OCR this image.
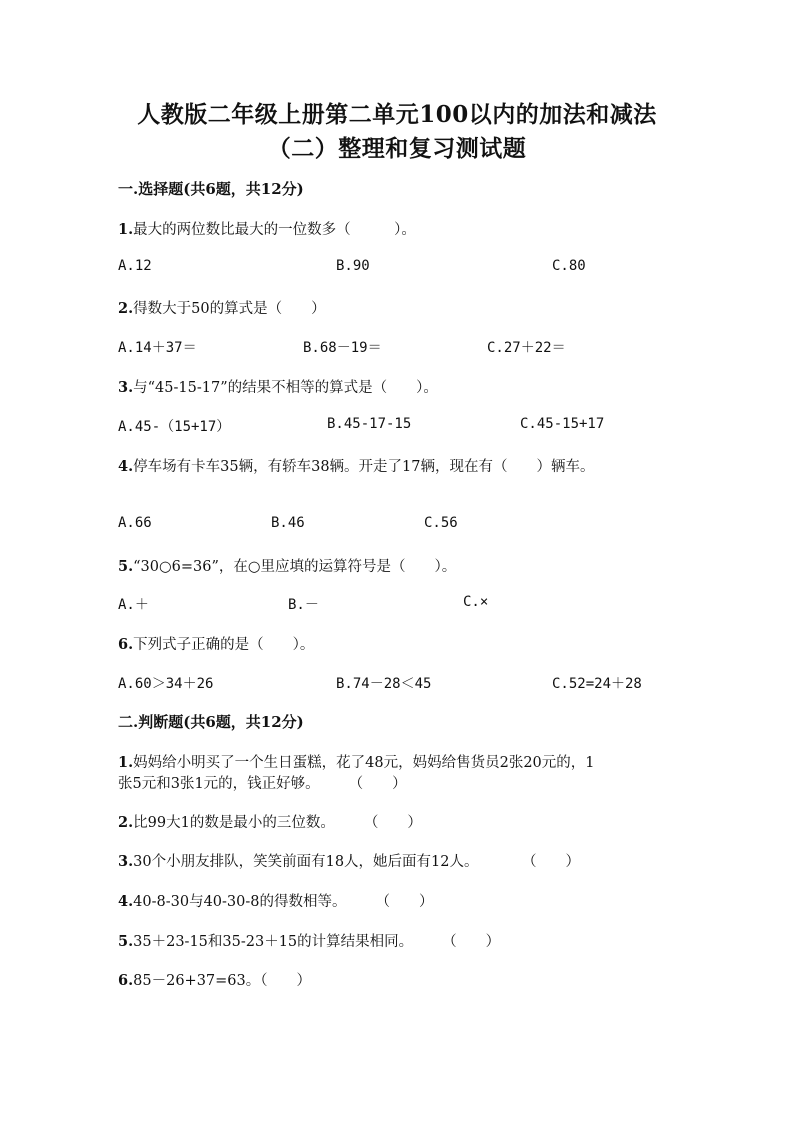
人教版二年级上册第二单元100以内的加法和减法
（二）整理和复习测试题
一.选择题(共6题，共12分)
1.最大的两位数比最大的一位数多（　　　）。
A.12	B.90	C.80
2.得数大于50的算式是（　　）
A.14＋37＝	B.68－19＝	C.27＋22＝
3.与“45-15-17”的结果不相等的算式是（　　）。
A.45-（15+17）	B.45-17-15	C.45-15+17
4.停车场有卡车35辆，有轿车38辆。开走了17辆，现在有（　　）辆车。
A.66	B.46	C.56
5.“30○6=36”，在○里应填的运算符号是（　　）。
A.＋	B.－	C.×
6.下列式子正确的是（　　）。
A.60＞34＋26	B.74－28＜45	C.52=24＋28
二.判断题(共6题，共12分)
1.妈妈给小明买了一个生日蛋糕，花了48元，妈妈给售货员2张20元的，1
张5元和3张1元的，钱正好够。　　　（　　）
2.比99大1的数是最小的三位数。　　　（　　）
3.30个小朋友排队，笑笑前面有18人，她后面有12人。　　　　（　　）
4.40-8-30与40-30-8的得数相等。　　　（　　）
5.35＋23-15和35-23＋15的计算结果相同。　　　（　　）
6.85－26+37=63。（　　）
